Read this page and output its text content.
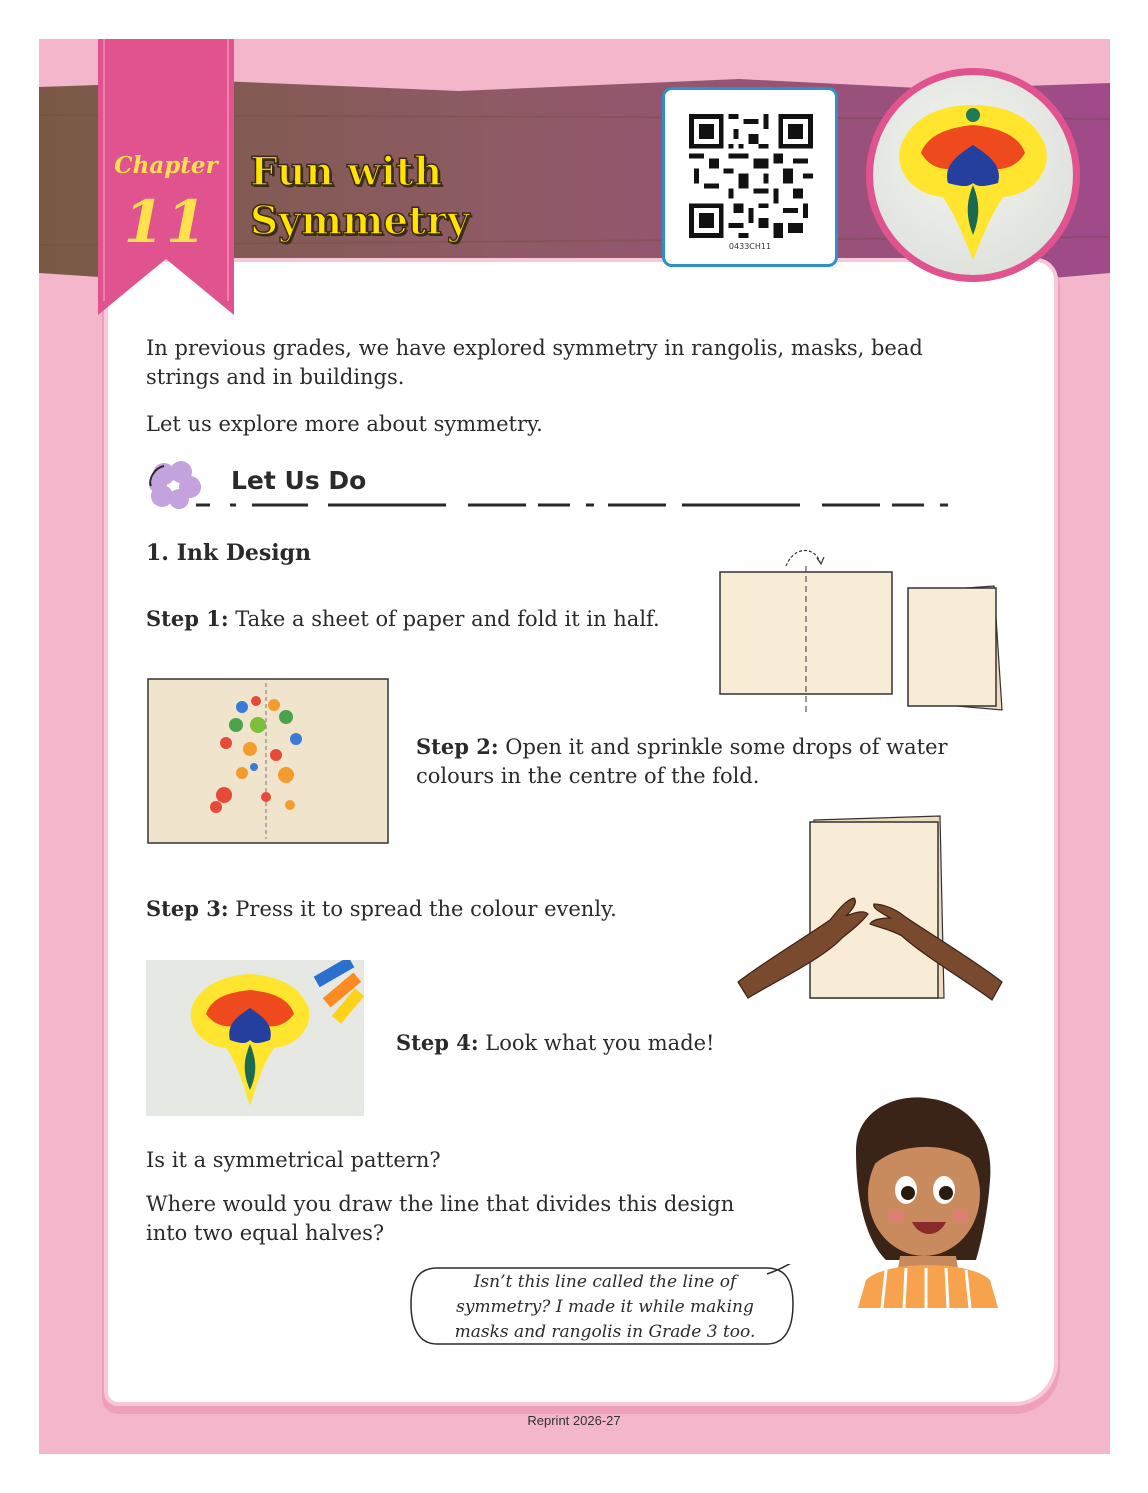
Chapter
11
Fun with
Symmetry
0433CH11
In previous grades, we have explored symmetry in rangolis, masks, bead
strings and in buildings.
Let us explore more about symmetry.
Let Us Do
1. Ink Design
Step 1: Take a sheet of paper and fold it in half.
Step 2: Open it and sprinkle some drops of water
colours in the centre of the fold.
Step 3: Press it to spread the colour evenly.
Step 4: Look what you made!
Is it a symmetrical pattern?
Where would you draw the line that divides this design
into two equal halves?
Isn’t this line called the line of
symmetry? I made it while making
masks and rangolis in Grade 3 too.
Reprint 2026-27
